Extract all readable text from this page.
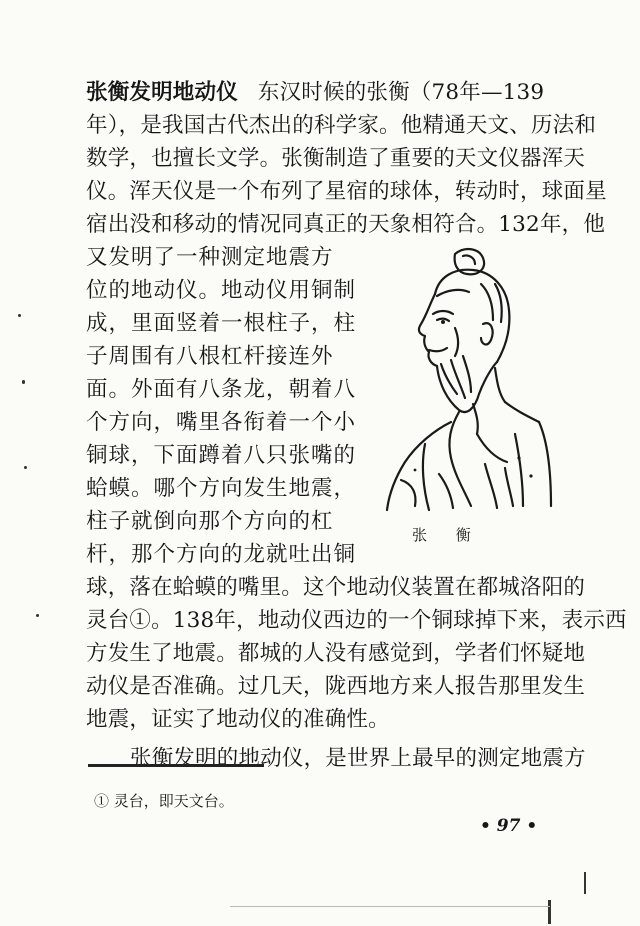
张衡发明地动仪 东汉时候的张衡（78年—139
年），是我国古代杰出的科学家。他精通天文、历法和
数学，也擅长文学。张衡制造了重要的天文仪器浑天
仪。浑天仪是一个布列了星宿的球体，转动时，球面星
宿出没和移动的情况同真正的天象相符合。132年，他
又发明了一种测定地震方
位的地动仪。地动仪用铜制
成，里面竖着一根柱子，柱
子周围有八根杠杆接连外
面。外面有八条龙，朝着八
个方向，嘴里各衔着一个小
铜球，下面蹲着八只张嘴的
蛤蟆。哪个方向发生地震，
柱子就倒向那个方向的杠
杆，那个方向的龙就吐出铜
球，落在蛤蟆的嘴里。这个地动仪装置在都城洛阳的
灵台①。138年，地动仪西边的一个铜球掉下来，表示西
方发生了地震。都城的人没有感觉到，学者们怀疑地
动仪是否准确。过几天，陇西地方来人报告那里发生
地震，证实了地动仪的准确性。
张衡发明的地动仪，是世界上最早的测定地震方
张 衡
① 灵台，即天文台。
• 97 •
